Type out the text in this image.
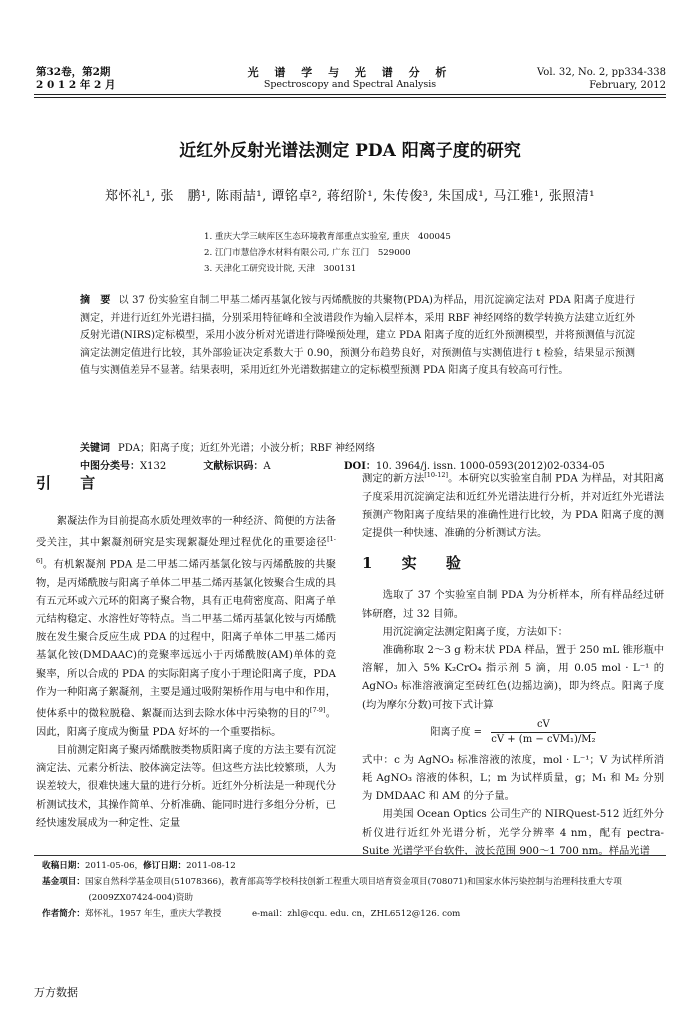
第32卷，第2期
2 0 1 2 年 2 月
光 谱 学 与 光 谱 分 析
Spectroscopy and Spectral Analysis
Vol. 32, No. 2, pp334-338
February, 2012
近红外反射光谱法测定 PDA 阳离子度的研究
郑怀礼¹, 张　鹏¹, 陈雨喆¹, 谭铭卓², 蒋绍阶¹, 朱传俊³, 朱国成¹, 马江雅¹, 张照清¹
1. 重庆大学三峡库区生态环境教育部重点实验室, 重庆　400045
2. 江门市慧信净水材料有限公司, 广东 江门　529000
3. 天津化工研究设计院, 天津　300131
摘　要 以 37 份实验室自制二甲基二烯丙基氯化铵与丙烯酰胺的共聚物(PDA)为样品，用沉淀滴定法对 PDA 阳离子度进行测定，并进行近红外光谱扫描，分别采用特征峰和全波谱段作为输入层样本，采用 RBF 神经网络的数学转换方法建立近红外反射光谱(NIRS)定标模型，采用小波分析对光谱进行降噪预处理，建立 PDA 阳离子度的近红外预测模型，并将预测值与沉淀滴定法测定值进行比较，其外部验证决定系数大于 0.90，预测分布趋势良好，对预测值与实测值进行 t 检验，结果显示预测值与实测值差异不显著。结果表明，采用近红外光谱数据建立的定标模型预测 PDA 阳离子度具有较高可行性。
关键词 PDA；阳离子度；近红外光谱；小波分析；RBF 神经网络
中图分类号：X132	文献标识码：A	DOI：10. 3964/j. issn. 1000-0593(2012)02-0334-05
引 言

絮凝法作为目前提高水质处理效率的一种经济、简便的方法备受关注，其中絮凝剂研究是实现絮凝处理过程优化的重要途径[1-6]。有机絮凝剂 PDA 是二甲基二烯丙基氯化铵与丙烯酰胺的共聚物，是丙烯酰胺与阳离子单体二甲基二烯丙基氯化铵聚合生成的具有五元环或六元环的阳离子聚合物，具有正电荷密度高、阳离子单元结构稳定、水溶性好等特点。当二甲基二烯丙基氯化铵与丙烯酰胺在发生聚合反应生成 PDA 的过程中，阳离子单体二甲基二烯丙基氯化铵(DMDAAC)的竞聚率远远小于丙烯酰胺(AM)单体的竞聚率，所以合成的 PDA 的实际阳离子度小于理论阳离子度，PDA 作为一种阳离子絮凝剂，主要是通过吸附架桥作用与电中和作用，使体系中的微粒脱稳、絮凝而达到去除水体中污染物的目的[7-9]。因此，阳离子度成为衡量 PDA 好坏的一个重要指标。

目前测定阳离子聚丙烯酰胺类物质阳离子度的方法主要有沉淀滴定法、元素分析法、胶体滴定法等。但这些方法比较繁琐，人为误差较大，很难快速大量的进行分析。近红外分析法是一种现代分析测试技术，其操作简单、分析准确、能同时进行多组分分析，已经快速发展成为一种定性、定量

测定的新方法[10-12]。本研究以实验室自制 PDA 为样品，对其阳离子度采用沉淀滴定法和近红外光谱法进行分析，并对近红外光谱法预测产物阳离子度结果的准确性进行比较，为 PDA 阳离子度的测定提供一种快速、准确的分析测试方法。

1 实 验

选取了 37 个实验室自制 PDA 为分析样本，所有样品经过研钵研磨，过 32 目筛。

用沉淀滴定法测定阳离子度，方法如下：

准确称取 2～3 g 粉末状 PDA 样品，置于 250 mL 锥形瓶中溶解，加入 5% K₂CrO₄ 指示剂 5 滴，用 0.05 mol · L⁻¹ 的 AgNO₃ 标准溶液滴定至砖红色(边摇边滴)，即为终点。阳离子度(均为摩尔分数)可按下式计算

阳离子度 = $\frac{cV}{\text{cV + (m − cVM₁)/M₂}}$

式中：c 为 AgNO₃ 标准溶液的浓度，mol · L⁻¹；V 为试样所消耗 AgNO₃ 溶液的体积，L；m 为试样质量，g；M₁ 和 M₂ 分别为 DMDAAC 和 AM 的分子量。

用美国 Ocean Optics 公司生产的 NIRQuest-512 近红外分析仪进行近红外光谱分析，光学分辨率 4 nm，配有 pectra-Suite 光谱学平台软件，波长范围 900～1 700 nm。样品光谱

收稿日期：2011-05-06，修订日期：2011-08-12
基金项目：国家自然科学基金项目(51078366)，教育部高等学校科技创新工程重大项目培育资金项目(708071)和国家水体污染控制与治理科技重大专项(2009ZX07424-004)资助
作者简介：郑怀礼，1957 年生，重庆大学教授	e-mail：zhl@cqu. edu. cn，ZHL6512@126. com
万方数据
